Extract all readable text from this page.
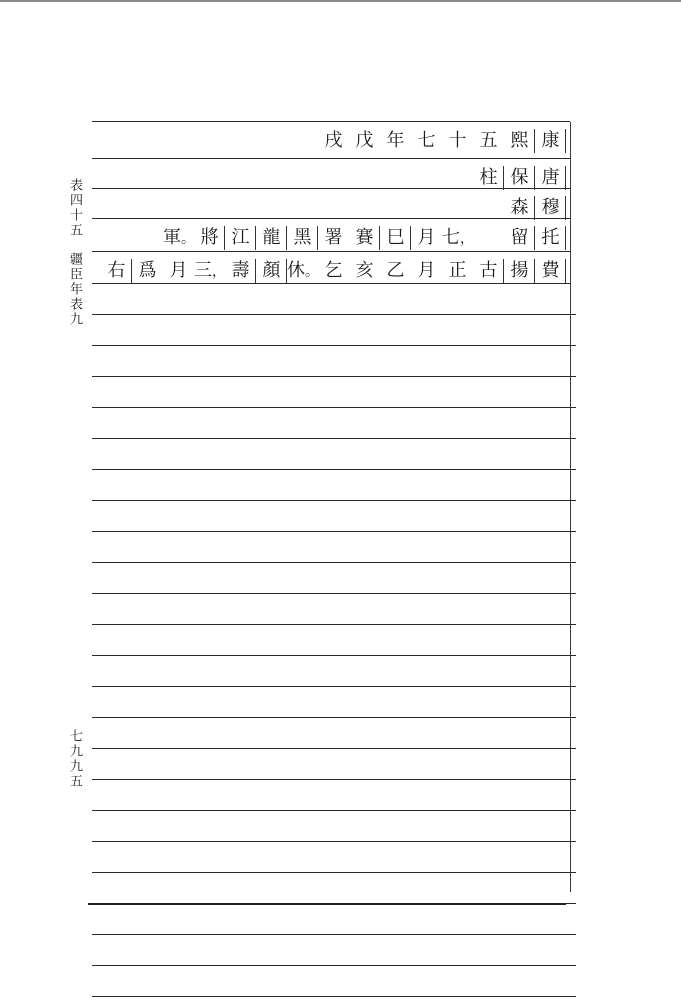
表四十五疆臣年表九
七九九五
康
熙
五
十
七
年
戊
戌
唐
保
柱
穆
森
托
留
七，
月
巳
賽
署
黑
龍
江
將
軍。
費
揚
古
正
月
乙
亥
乞
休。
顏
壽
三，
月
爲
右
